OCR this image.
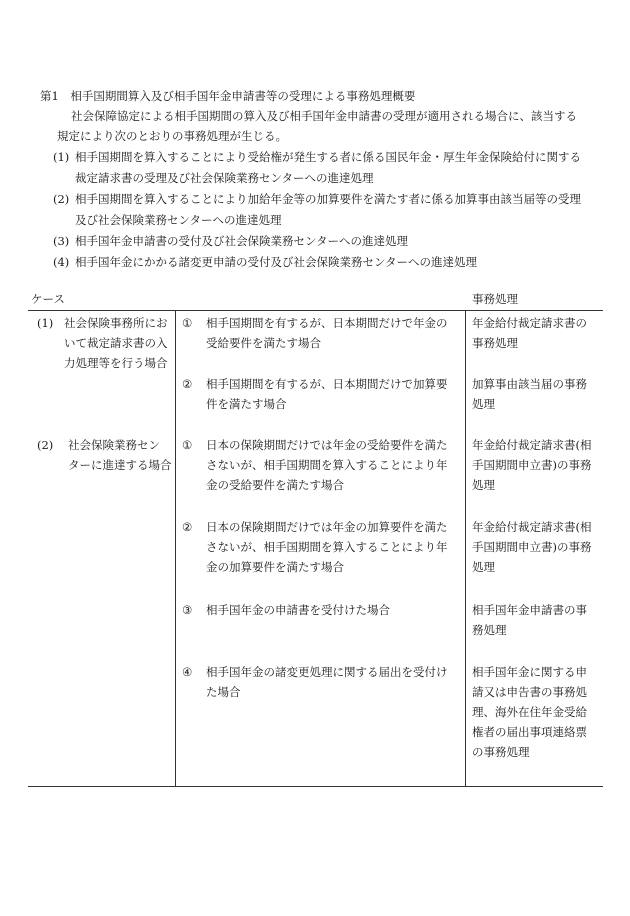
第1　相手国期間算入及び相手国年金申請書等の受理による事務処理概要
社会保障協定による相手国期間の算入及び相手国年金申請書の受理が適用される場合に、該当する
規定により次のとおりの事務処理が生じる。
(1) 相手国期間を算入することにより受給権が発生する者に係る国民年金・厚生年金保険給付に関する
裁定請求書の受理及び社会保険業務センターへの進達処理
(2) 相手国期間を算入することにより加給年金等の加算要件を満たす者に係る加算事由該当届等の受理
及び社会保険業務センターへの進達処理
(3) 相手国年金申請書の受付及び社会保険業務センターへの進達処理
(4) 相手国年金にかかる諸変更申請の受付及び社会保険業務センターへの進達処理
ケース	事務処理
(1) 社会保険事務所にお
いて裁定請求書の入
力処理等を行う場合
① 相手国期間を有するが、日本期間だけで年金の
受給要件を満たす場合
年金給付裁定請求書の
事務処理
② 相手国期間を有するが、日本期間だけで加算要
件を満たす場合
加算事由該当届の事務
処理
(2) 社会保険業務セン
ターに進達する場合
① 日本の保険期間だけでは年金の受給要件を満た
さないが、相手国期間を算入することにより年
金の受給要件を満たす場合
年金給付裁定請求書(相
手国期間申立書)の事務
処理
② 日本の保険期間だけでは年金の加算要件を満た
さないが、相手国期間を算入することにより年
金の加算要件を満たす場合
年金給付裁定請求書(相
手国期間申立書)の事務
処理
③ 相手国年金の申請書を受付けた場合	相手国年金申請書の事
務処理
④ 相手国年金の諸変更処理に関する届出を受付け
た場合
相手国年金に関する申
請又は申告書の事務処
理、海外在住年金受給
権者の届出事項連絡票
の事務処理
